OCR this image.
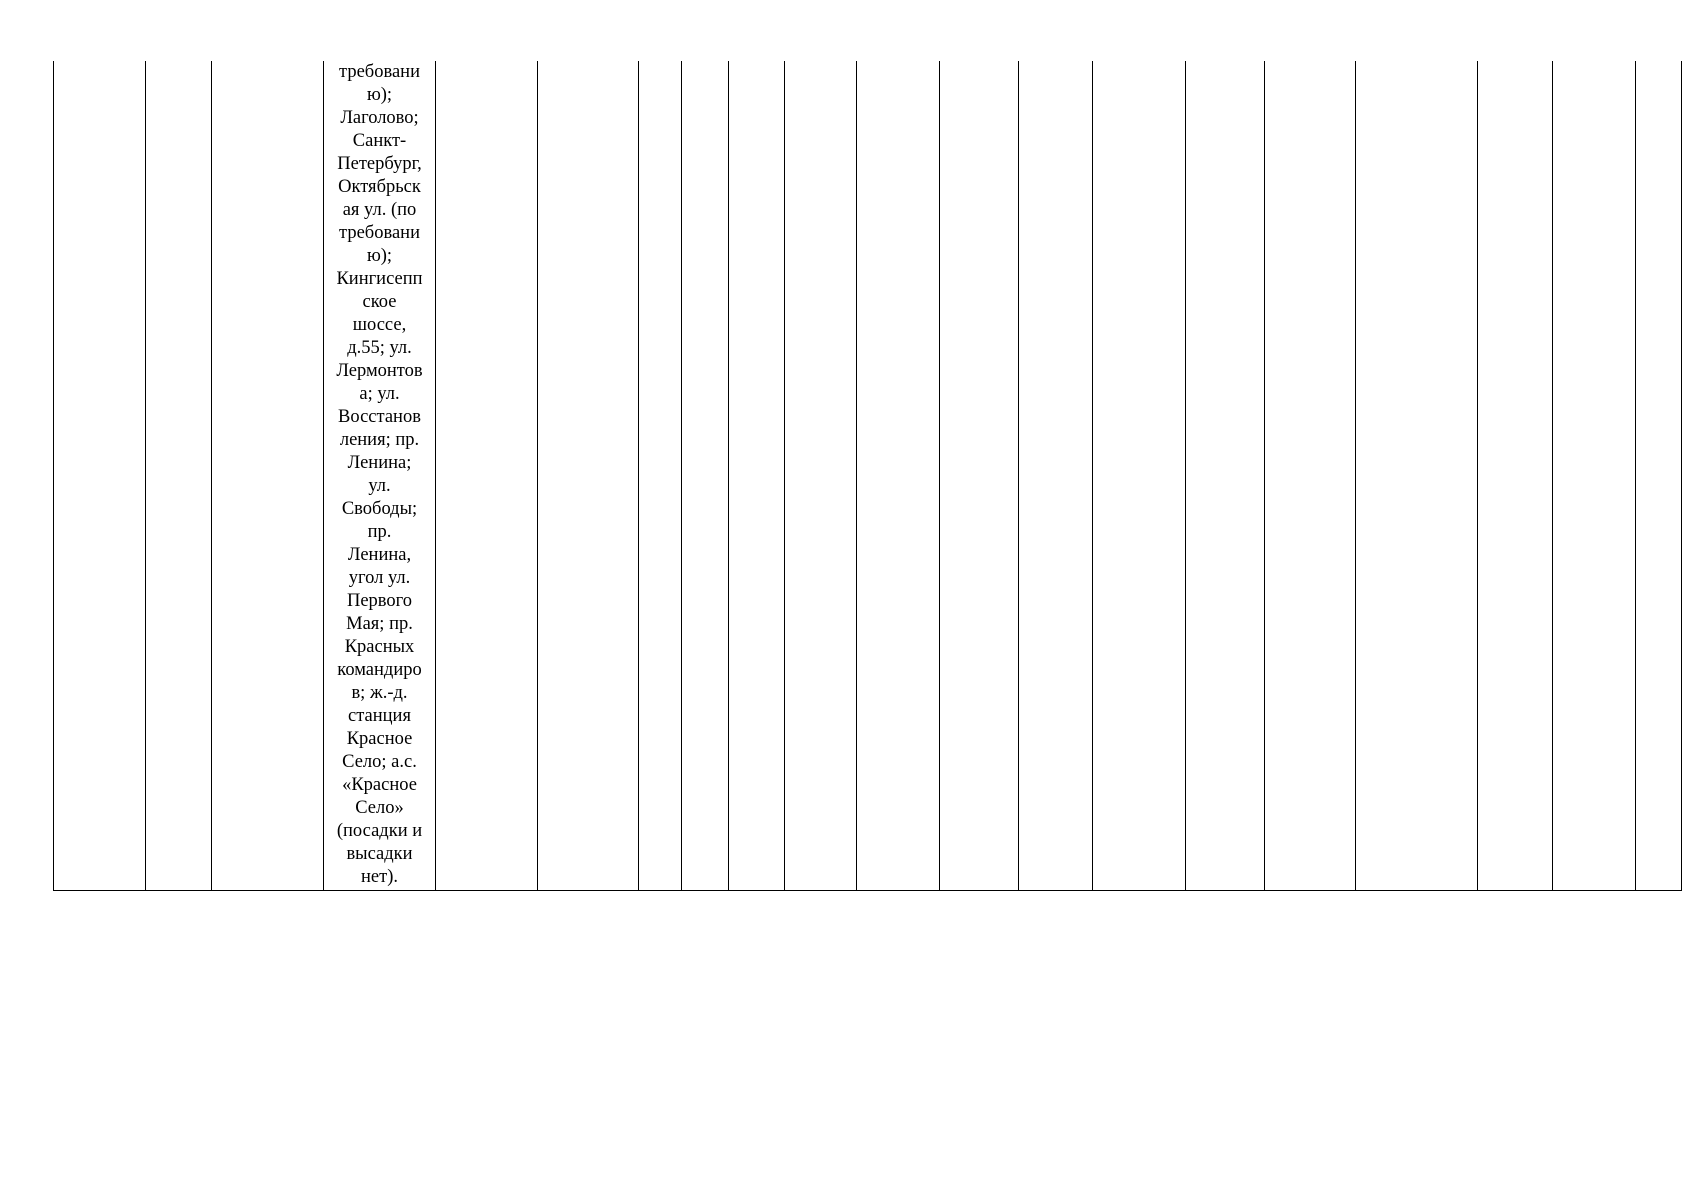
требовани
ю);
Лаголово;
Санкт-
Петербург,
Октябрьск
ая ул. (по
требовани
ю);
Кингисепп
ское
шоссе,
д.55; ул.
Лермонтов
а; ул.
Восстанов
ления; пр.
Ленина;
ул.
Свободы;
пр.
Ленина,
угол ул.
Первого
Мая; пр.
Красных
командиро
в; ж.-д.
станция
Красное
Село; а.с.
«Красное
Село»
(посадки и
высадки
нет).
